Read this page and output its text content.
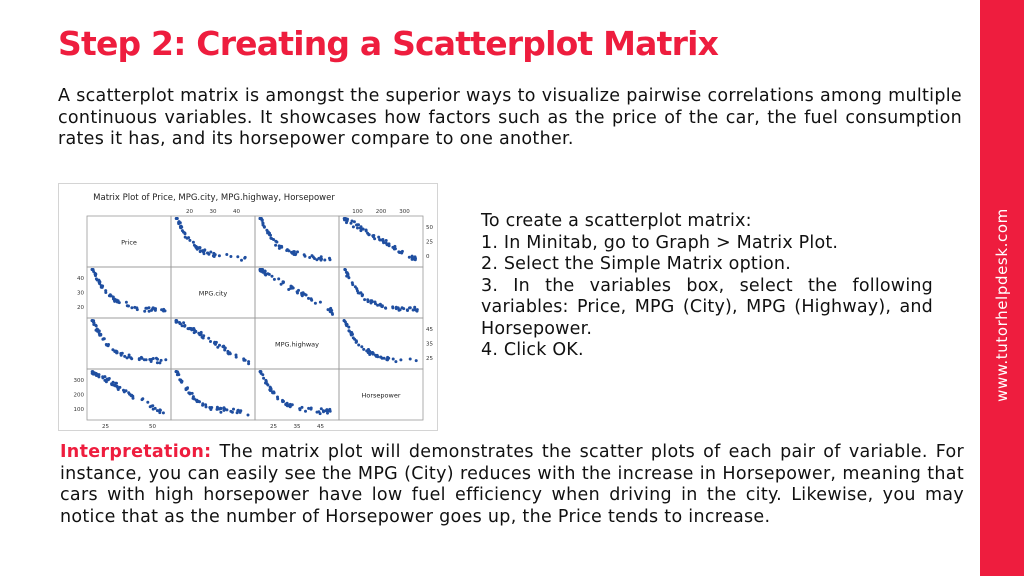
Step 2: Creating a Scatterplot Matrix

A scatterplot matrix is amongst the superior ways to visualize pairwise correlations among multiple continuous variables. It showcases how factors such as the price of the car, the fuel consumption rates it has, and its horsepower compare to one another.

www.tutorhelpdesk.com
Matrix Plot of Price, MPG.city, MPG.highway, Horsepower
Price
MPG.city
MPG.highway
Horsepower
20	30	40	100 200 300
25	50	25	35	45
40
30
20
300
200
100
50
25
0
45
35
25
To create a scatterplot matrix:
1. In Minitab, go to Graph > Matrix Plot.
2. Select the Simple Matrix option.
3. In the variables box, select the following variables: Price, MPG (City), MPG (Highway), and Horsepower.
4. Click OK.

Interpretation: The matrix plot will demonstrates the scatter plots of each pair of variable. For instance, you can easily see the MPG (City) reduces with the increase in Horsepower, meaning that cars with high horsepower have low fuel efficiency when driving in the city. Likewise, you may notice that as the number of Horsepower goes up, the Price tends to increase.
